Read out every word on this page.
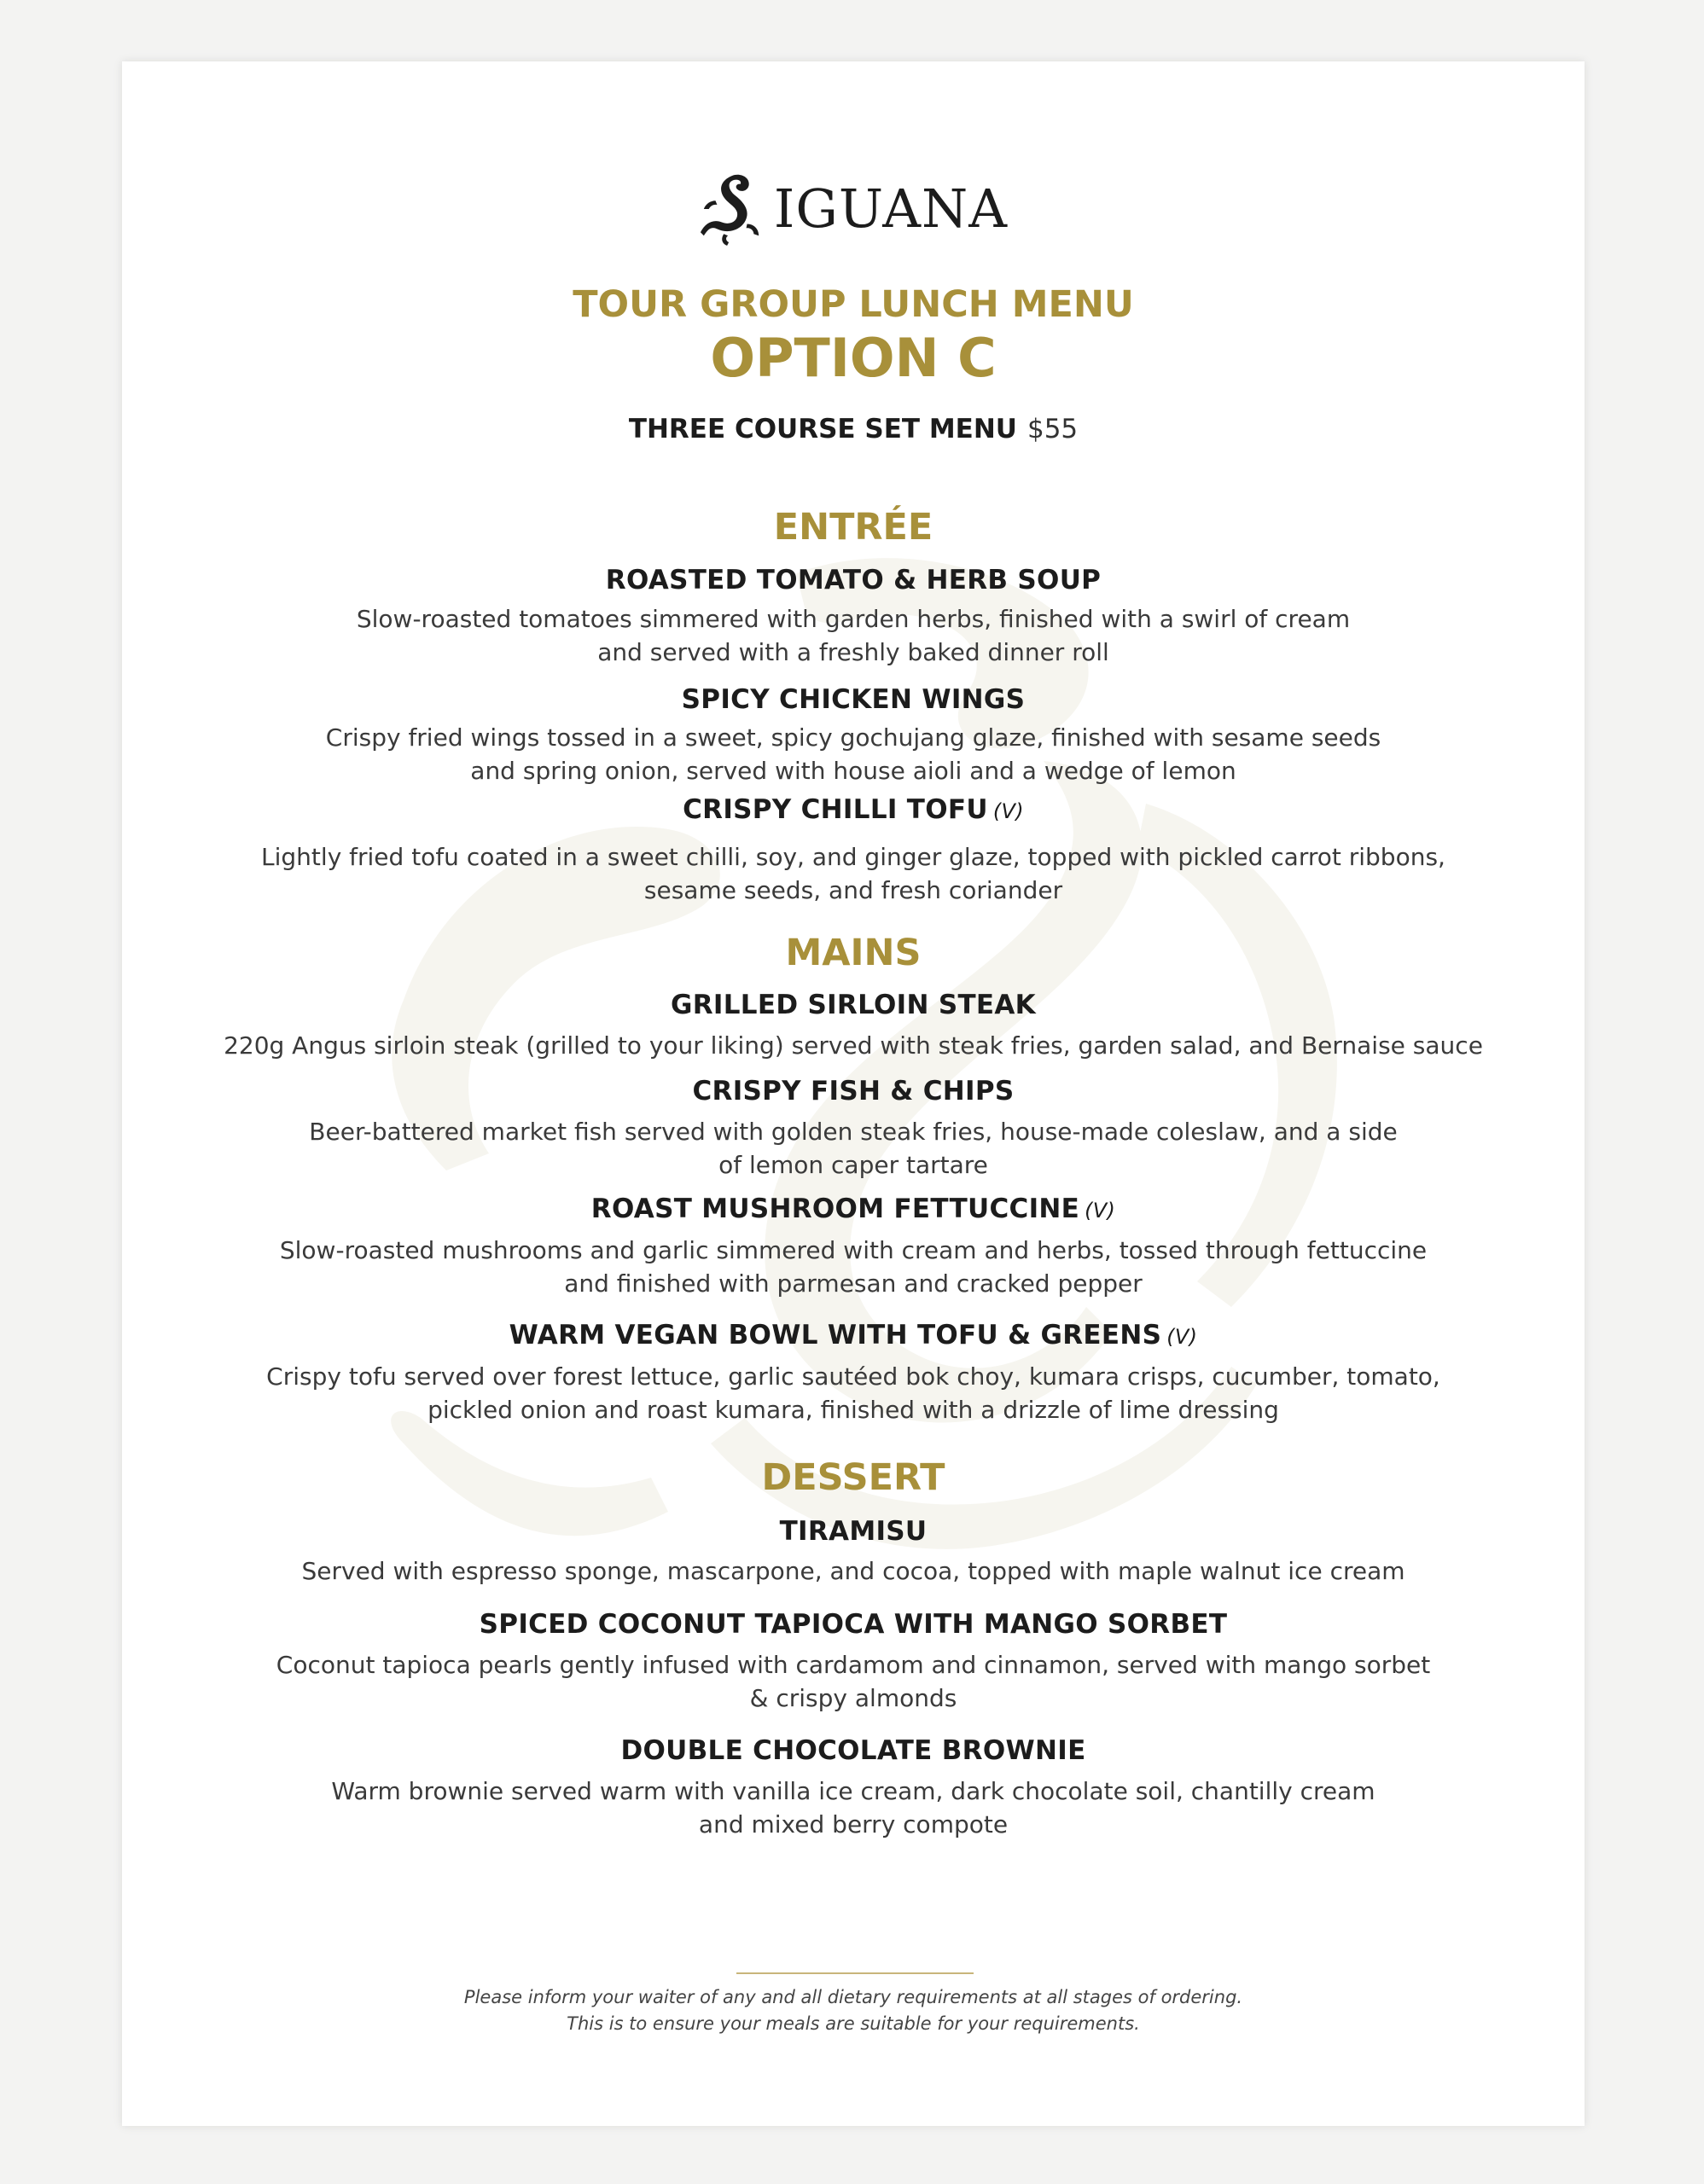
IGUANA
TOUR GROUP LUNCH MENU
OPTION C
THREE COURSE SET MENU $55
ENTRÉE
ROASTED TOMATO & HERB SOUP
Slow-roasted tomatoes simmered with garden herbs, finished with a swirl of cream
and served with a freshly baked dinner roll
SPICY CHICKEN WINGS
Crispy fried wings tossed in a sweet, spicy gochujang glaze, finished with sesame seeds
and spring onion, served with house aioli and a wedge of lemon
CRISPY CHILLI TOFU (V)
Lightly fried tofu coated in a sweet chilli, soy, and ginger glaze, topped with pickled carrot ribbons,
sesame seeds, and fresh coriander
MAINS
GRILLED SIRLOIN STEAK
220g Angus sirloin steak (grilled to your liking) served with steak fries, garden salad, and Bernaise sauce
CRISPY FISH & CHIPS
Beer-battered market fish served with golden steak fries, house-made coleslaw, and a side
of lemon caper tartare
ROAST MUSHROOM FETTUCCINE (V)
Slow-roasted mushrooms and garlic simmered with cream and herbs, tossed through fettuccine
and finished with parmesan and cracked pepper
WARM VEGAN BOWL WITH TOFU & GREENS (V)
Crispy tofu served over forest lettuce, garlic sautéed bok choy, kumara crisps, cucumber, tomato,
pickled onion and roast kumara, finished with a drizzle of lime dressing
DESSERT
TIRAMISU
Served with espresso sponge, mascarpone, and cocoa, topped with maple walnut ice cream
SPICED COCONUT TAPIOCA WITH MANGO SORBET
Coconut tapioca pearls gently infused with cardamom and cinnamon, served with mango sorbet
& crispy almonds
DOUBLE CHOCOLATE BROWNIE
Warm brownie served warm with vanilla ice cream, dark chocolate soil, chantilly cream
and mixed berry compote
Please inform your waiter of any and all dietary requirements at all stages of ordering.
This is to ensure your meals are suitable for your requirements.
